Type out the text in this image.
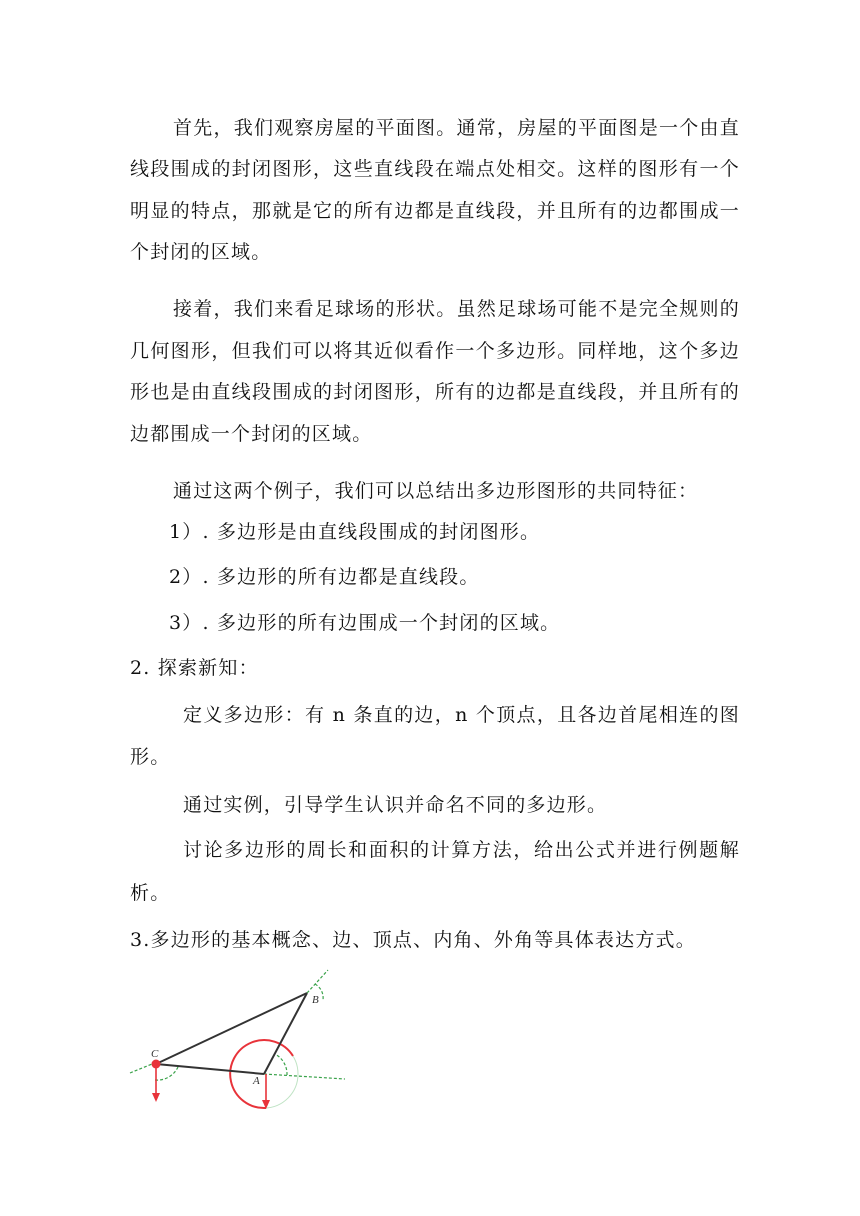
首先，我们观察房屋的平面图。通常，房屋的平面图是一个由直
线段围成的封闭图形，这些直线段在端点处相交。这样的图形有一个
明显的特点，那就是它的所有边都是直线段，并且所有的边都围成一
个封闭的区域。
接着，我们来看足球场的形状。虽然足球场可能不是完全规则的
几何图形，但我们可以将其近似看作一个多边形。同样地，这个多边
形也是由直线段围成的封闭图形，所有的边都是直线段，并且所有的
边都围成一个封闭的区域。
通过这两个例子，我们可以总结出多边形图形的共同特征：
1）. 多边形是由直线段围成的封闭图形。
2）. 多边形的所有边都是直线段。
3）. 多边形的所有边围成一个封闭的区域。
2. 探索新知：
定义多边形：有 n 条直的边，n 个顶点，且各边首尾相连的图
形。
通过实例，引导学生认识并命名不同的多边形。
讨论多边形的周长和面积的计算方法，给出公式并进行例题解
析。
3.多边形的基本概念、边、顶点、内角、外角等具体表达方式。
C
B
A
